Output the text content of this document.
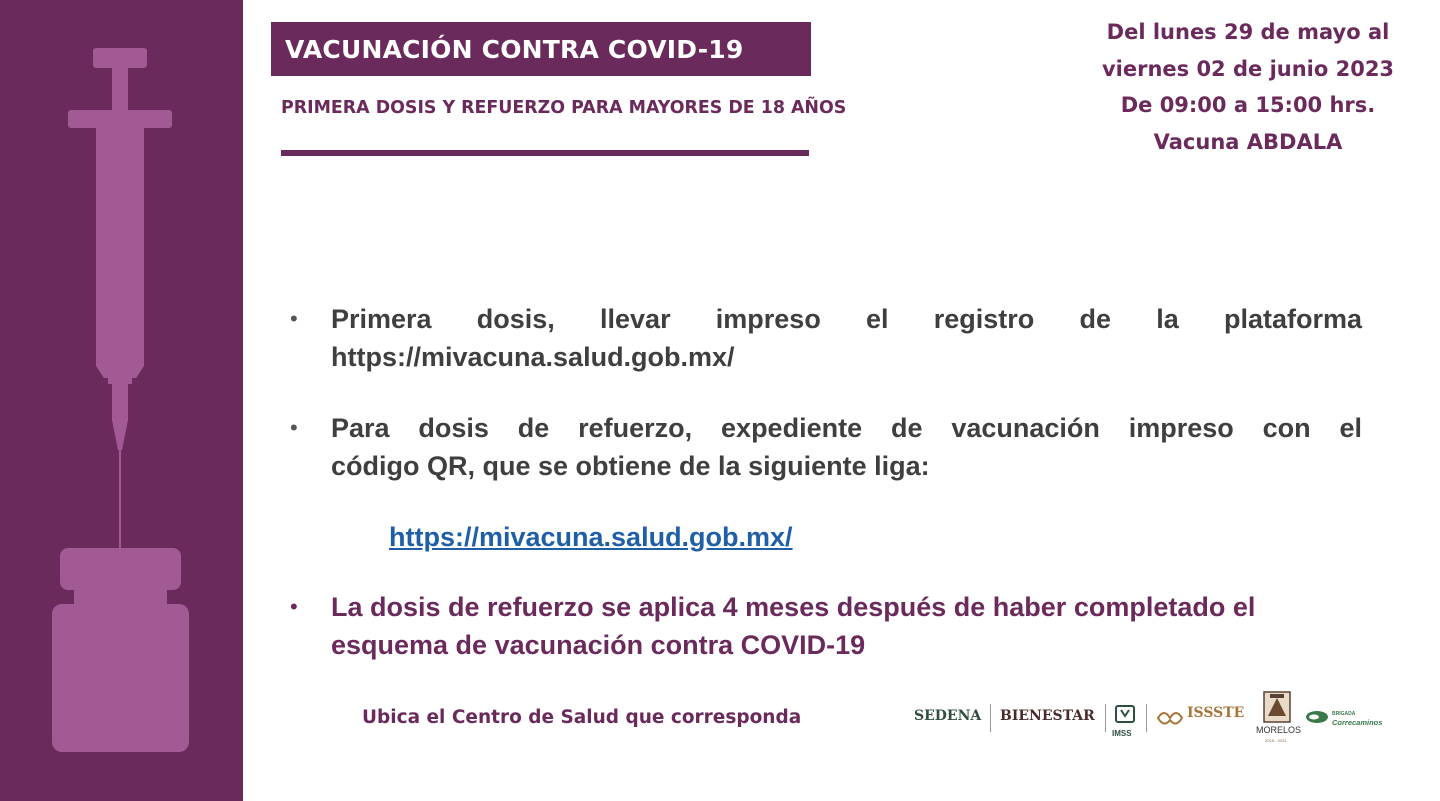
VACUNACIÓN CONTRA COVID-19
PRIMERA DOSIS Y REFUERZO PARA MAYORES DE 18 AÑOS
Del lunes 29 de mayo al
viernes 02 de junio 2023
De 09:00 a 15:00 hrs.
Vacuna ABDALA
• Primera dosis, llevar impreso el registro de la plataforma
https://mivacuna.salud.gob.mx/
• Para dosis de refuerzo, expediente de vacunación impreso con el
código QR, que se obtiene de la siguiente liga:
https://mivacuna.salud.gob.mx/
• La dosis de refuerzo se aplica 4 meses después de haber completado el
esquema de vacunación contra COVID-19
Ubica el Centro de Salud que corresponda	SEDENA BIENESTAR
IMSS
ISSSTE
MORELOS
2018 - 2024
BRIGADA
Correcaminos
